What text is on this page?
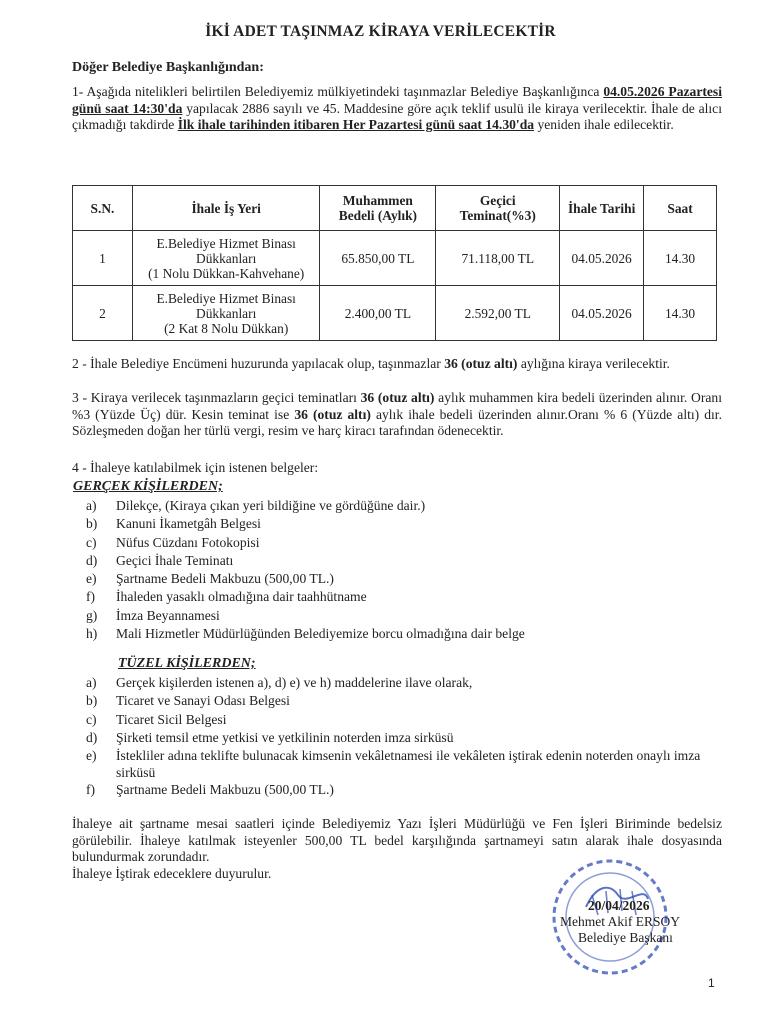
İKİ ADET TAŞINMAZ KİRAYA VERİLECEKTİR
Döğer Belediye Başkanlığından:
1- Aşağıda nitelikleri belirtilen Belediyemiz mülkiyetindeki taşınmazlar Belediye Başkanlığınca 04.05.2026 Pazartesi günü saat 14:30'da yapılacak 2886 sayılı ve 45. Maddesine göre açık teklif usulü ile kiraya verilecektir. İhale de alıcı çıkmadığı takdirde İlk ihale tarihinden itibaren Her Pazartesi günü saat 14.30'da yeniden ihale edilecektir.
S.N.	İhale İş Yeri	Muhammen Bedeli (Aylık)	Geçici Teminat(%3)	İhale Tarihi	Saat
1	E.Belediye Hizmet Binası
Dükkanları
(1 Nolu Dükkan-Kahvehane)	65.850,00 TL	71.118,00 TL	04.05.2026	14.30
2	E.Belediye Hizmet Binası
Dükkanları
(2 Kat 8 Nolu Dükkan)	2.400,00 TL	2.592,00 TL	04.05.2026	14.30
2 - İhale Belediye Encümeni huzurunda yapılacak olup, taşınmazlar 36 (otuz altı) aylığına kiraya verilecektir.
3 - Kiraya verilecek taşınmazların geçici teminatları 36 (otuz altı) aylık muhammen kira bedeli üzerinden alınır. Oranı %3 (Yüzde Üç) dür. Kesin teminat ise 36 (otuz altı) aylık ihale bedeli üzerinden alınır.Oranı % 6 (Yüzde altı) dır. Sözleşmeden doğan her türlü vergi, resim ve harç kiracı tarafından ödenecektir.
4 - İhaleye katılabilmek için istenen belgeler:
GERÇEK KİŞİLERDEN;
a)	Dilekçe, (Kiraya çıkan yeri bildiğine ve gördüğüne dair.)
b)	Kanuni İkametgâh Belgesi
c)	Nüfus Cüzdanı Fotokopisi
d)	Geçici İhale Teminatı
e)	Şartname Bedeli Makbuzu (500,00 TL.)
f)	İhaleden yasaklı olmadığına dair taahhütname
g)	İmza Beyannamesi
h)	Mali Hizmetler Müdürlüğünden Belediyemize borcu olmadığına dair belge
TÜZEL KİŞİLERDEN;
a)	Gerçek kişilerden istenen a), d) e) ve h) maddelerine ilave olarak,
b)	Ticaret ve Sanayi Odası Belgesi
c)	Ticaret Sicil Belgesi
d)	Şirketi temsil etme yetkisi ve yetkilinin noterden imza sirküsü
e)	İstekliler adına teklifte bulunacak kimsenin vekâletnamesi ile vekâleten iştirak edenin noterden onaylı imza sirküsü
f)	Şartname Bedeli Makbuzu (500,00 TL.)
İhaleye ait şartname mesai saatleri içinde Belediyemiz Yazı İşleri Müdürlüğü ve Fen İşleri Biriminde bedelsiz görülebilir. İhaleye katılmak isteyenler 500,00 TL bedel karşılığında şartnameyi satın alarak ihale dosyasında bulundurmak zorundadır.
İhaleye İştirak edeceklere duyurulur.
20/04/2026
Mehmet Akif ERSOY
Belediye Başkanı
1
